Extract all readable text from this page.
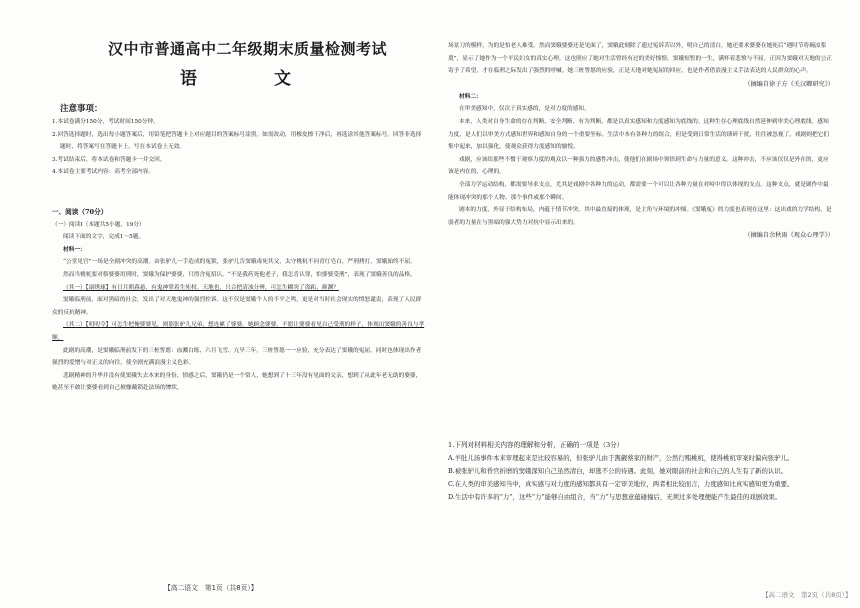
汉中市普通高中二年级期末质量检测考试
语　文
注意事项：

1.本试卷满分150分，考试时间150分钟。

2.回答选择题时，选出每小题答案后，用铅笔把答题卡上对应题目的答案标号涂黑。如需改动，用橡皮擦干净后，再选涂其他答案标号。回答非选择题时，将答案写在答题卡上。写在本试卷上无效。

3.考试结束后，将本试卷和答题卡一并交回。

4.本试卷主要考试内容：高考全部内容。

一、阅读（70分）

（一）阅读Ⅰ（本题共5小题，19分）

阅读下面的文字，完成1～5题。

材料一：

“公堂见官”一场是全剧冲突的高潮。由张驴儿一手造成的冤狱，张驴儿告窦娥毒死其父，太守桃杌不问青红皂白，严刑拷打，窦娥始终不屈。

然而当桃杌要对蔡婆婆用刑时，窦娥为保护婆婆，只得含冤招认。“不是我药死他老子，我怎肯认罪，怕婆婆受刑”，表现了窦娥善良的品格。

（其一）【滚绣球】有日月朝暮悬，有鬼神掌着生死权。天地也，只合把清浊分辨，可怎生糊突了盗跖、颜渊？

窦娥临刑前，面对黑暗的社会，发出了对天地鬼神的强烈控诉。这不仅是窦娥个人的不平之鸣，更是对当时社会现实的愤怒谴责，表现了人民群众的反抗精神。

（其二）【叨叨令】可怎生把俺婆婆见，则那张驴儿兄弟，想连累了婆婆。她顾念婆婆，不愿让婆婆看见自己受刑的样子，体现出窦娥的善良与孝顺。

此剧的高潮，是窦娥临刑前发下的三桩誓愿：血溅白练、六月飞雪、亢旱三年。三桩誓愿一一应验，充分表达了窦娥的冤屈，同时也体现出作者强烈的爱憎与对正义的向往，使全剧充满浪漫主义色彩。

悲剧精神的升华并没有使窦娥失去本来的身份，情感之后，窦娥仍是一个常人，她想到了十三年没有见面的父亲，想到了从此年老无助的婆婆，她甚至不敢让婆婆看到自己披枷戴锁赴法场的惨状。

【高二语文　第1页（共8页）】

场景刀的模样，为的是怕老人难受。然而窦娥婆婆还是见面了，窦娥此刻除了遗过冤诉苦以外，明自己的清白，她还要求婆婆在她死后“遇时节将碗凉浆奠”，显示了她作为一个平民妇女的真实心理，这也照应了她对生活曾经有过的美好憧憬。窦娥短暂的一生，满怀着悲愤与不屈。正因为窦娥对天地的公正寄予了希望，才在临刑之际发出了强烈的呼喊。她三桩誓愿的应验，正是天地对她冤屈的回应，也是作者借浪漫主义手法表达的人民群众的心声。

（摘编自徐子方《关汉卿研究》）

材料二：

在审美感知中，仅次于真实感的，是对力度的感知。

本来，人类对自身生命的存在判断、安全判断、有为判断，都是以真实感知和力度感知为底线的。这种生存心理底线自然延伸到审美心理底线。感知力度，是人们以审美方式感知世界和感知自身的一个重要坐标。生活中本有各种力的组合，但是受到日常生活的琐碎干扰，往往被忽视了。戏剧则把它们集中起来，加以强化，使观众获得力度感知的愉悦。

戏剧，应该给那些不惯于观察力度的观众以一种强力的感性冲击，使他们在剧场中领悟到生命与力量的意义。这种冲击，不应该仅仅是外在的，更应该是内在的、心理的。

全部力学运动结构，都需要导求支点，尤其是戏剧中各种力的运动，都需要一个可以让各种力量在对峙中得以体现的支点。这种支点，就是剧作中最能体现冲突的那个人物、那个事件或那个瞬间。

剧本的力度，外显于结构布局，内蕴于情节冲突。其中最直接的体现，是主角与环境的冲撞。《窦娥冤》的力度也表现在这里：这出戏的力学结构，是弱者的力量在与黑暗的强大势力对抗中显示出来的。

（摘编自余秋雨《观众心理学》）

1.下列对材料相关内容的理解和分析，正确的一项是（3分）

A.羊肚儿汤事件本来审理起来是比较容易的，但张驴儿由于觊觎蔡家的财产，公然行贿桃杌，使得桃杌审案时偏向张驴儿。

B.被张驴儿和昏官折磨的窦娥深知自己虽然清白，却逃不公的待遇。此刻，她对眼前的社会和自己的人生有了新的认识。

C.在人类的审美感知当中，真实感与对力度的感知都具有一定审美地位，两者相比较而言，力度感知比真实感知更为重要。

D.生活中有许多的“力”，这些“力”能够自由组合，当“力”与思想意蕴碰撞后，无须过多处理便能产生最佳的戏剧效果。

【高二语文　第2页（共8页）】
